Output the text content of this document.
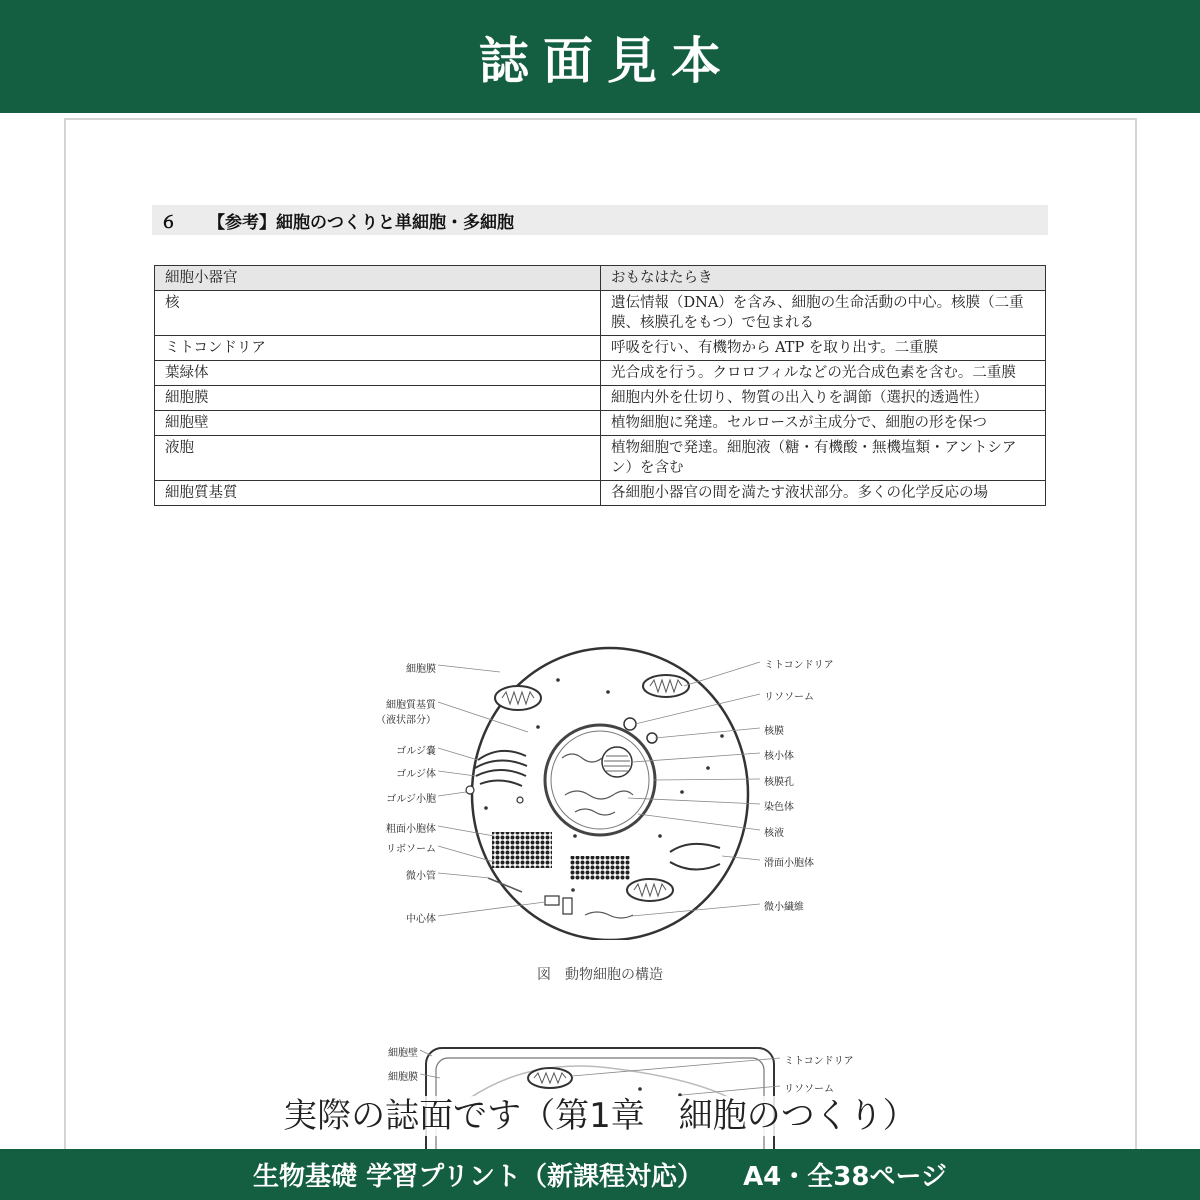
誌面見本
６	【参考】細胞のつくりと単細胞・多細胞
細胞小器官	おもなはたらき
核	遺伝情報（DNA）を含み、細胞の生命活動の中心。核膜（二重膜、核膜孔をもつ）で包まれる
ミトコンドリア	呼吸を行い、有機物から ATP を取り出す。二重膜
葉緑体	光合成を行う。クロロフィルなどの光合成色素を含む。二重膜
細胞膜	細胞内外を仕切り、物質の出入りを調節（選択的透過性）
細胞壁	植物細胞に発達。セルロースが主成分で、細胞の形を保つ
液胞	植物細胞で発達。細胞液（糖・有機酸・無機塩類・アントシアン）を含む
細胞質基質	各細胞小器官の間を満たす液状部分。多くの化学反応の場
細胞膜
細胞質基質
（液状部分）
ゴルジ嚢
ゴルジ体
ゴルジ小胞
粗面小胞体
リボソーム
微小管
中心体
ミトコンドリア
リソソーム
核膜
核小体
核膜孔
染色体
核液
滑面小胞体
微小繊維
図　動物細胞の構造
細胞壁
細胞膜
ミトコンドリア
リソソーム
実際の誌面です（第1章　細胞のつくり）
生物基礎 学習プリント（新課程対応） A4・全38ページ
